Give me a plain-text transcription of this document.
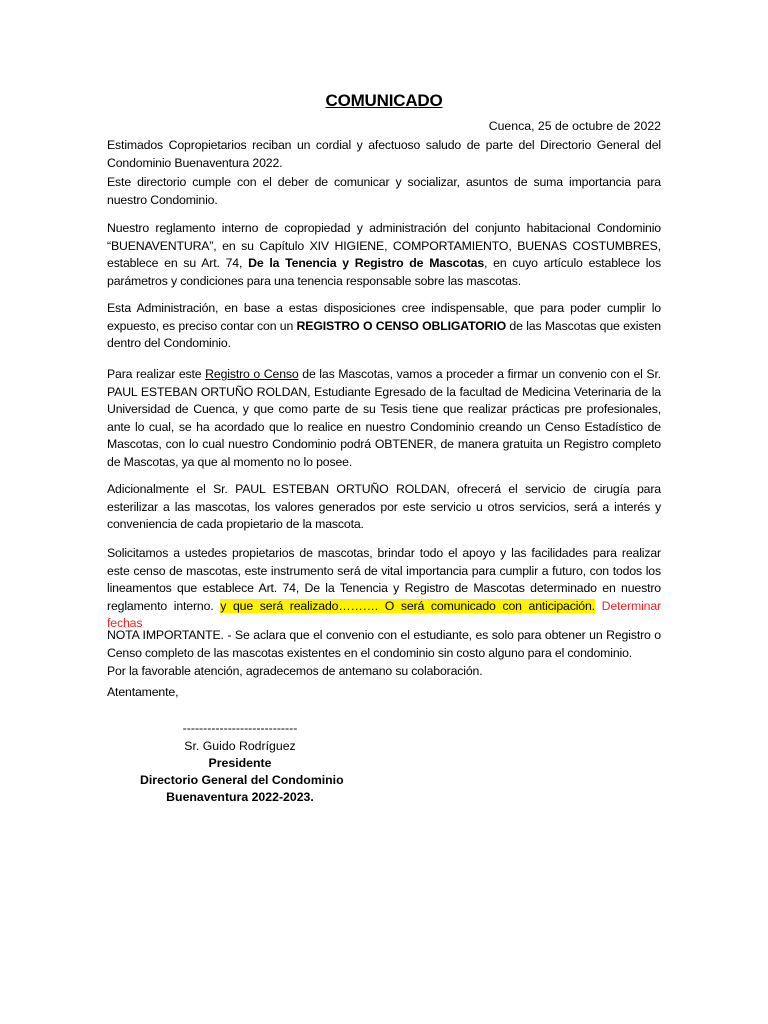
COMUNICADO
Cuenca, 25 de octubre de 2022

Estimados Copropietarios reciban un cordial y afectuoso saludo de parte del Directorio General del Condominio Buenaventura 2022.

Este directorio cumple con el deber de comunicar y socializar, asuntos de suma importancia para nuestro Condominio.

Nuestro reglamento interno de copropiedad y administración del conjunto habitacional Condominio “BUENAVENTURA”, en su Capítulo XIV HIGIENE, COMPORTAMIENTO, BUENAS COSTUMBRES, establece en su Art. 74, De la Tenencia y Registro de Mascotas, en cuyo artículo establece los parámetros y condiciones para una tenencia responsable sobre las mascotas.

Esta Administración, en base a estas disposiciones cree indispensable, que para poder cumplir lo expuesto, es preciso contar con un REGISTRO O CENSO OBLIGATORIO de las Mascotas que existen dentro del Condominio.

Para realizar este Registro o Censo de las Mascotas, vamos a proceder a firmar un convenio con el Sr. PAUL ESTEBAN ORTUÑO ROLDAN, Estudiante Egresado de la facultad de Medicina Veterinaria de la Universidad de Cuenca, y que como parte de su Tesis tiene que realizar prácticas pre profesionales, ante lo cual, se ha acordado que lo realice en nuestro Condominio creando un Censo Estadístico de Mascotas, con lo cual nuestro Condominio podrá OBTENER, de manera gratuita un Registro completo de Mascotas, ya que al momento no lo posee.

Adicionalmente el Sr. PAUL ESTEBAN ORTUÑO ROLDAN, ofrecerá el servicio de cirugía para esterilizar a las mascotas, los valores generados por este servicio u otros servicios, será a interés y conveniencia de cada propietario de la mascota.

Solicitamos a ustedes propietarios de mascotas, brindar todo el apoyo y las facilidades para realizar este censo de mascotas, este instrumento será de vital importancia para cumplir a futuro, con todos los lineamentos que establece Art. 74, De la Tenencia y Registro de Mascotas determinado en nuestro reglamento interno. y que será realizado………. O será comunicado con anticipación. Determinar fechas

NOTA IMPORTANTE. - Se aclara que el convenio con el estudiante, es solo para obtener un Registro o Censo completo de las mascotas existentes en el condominio sin costo alguno para el condominio.

Por la favorable atención, agradecemos de antemano su colaboración.

Atentamente,

----------------------------
Sr. Guido Rodríguez
Presidente
Directorio General del Condominio
Buenaventura 2022-2023.
